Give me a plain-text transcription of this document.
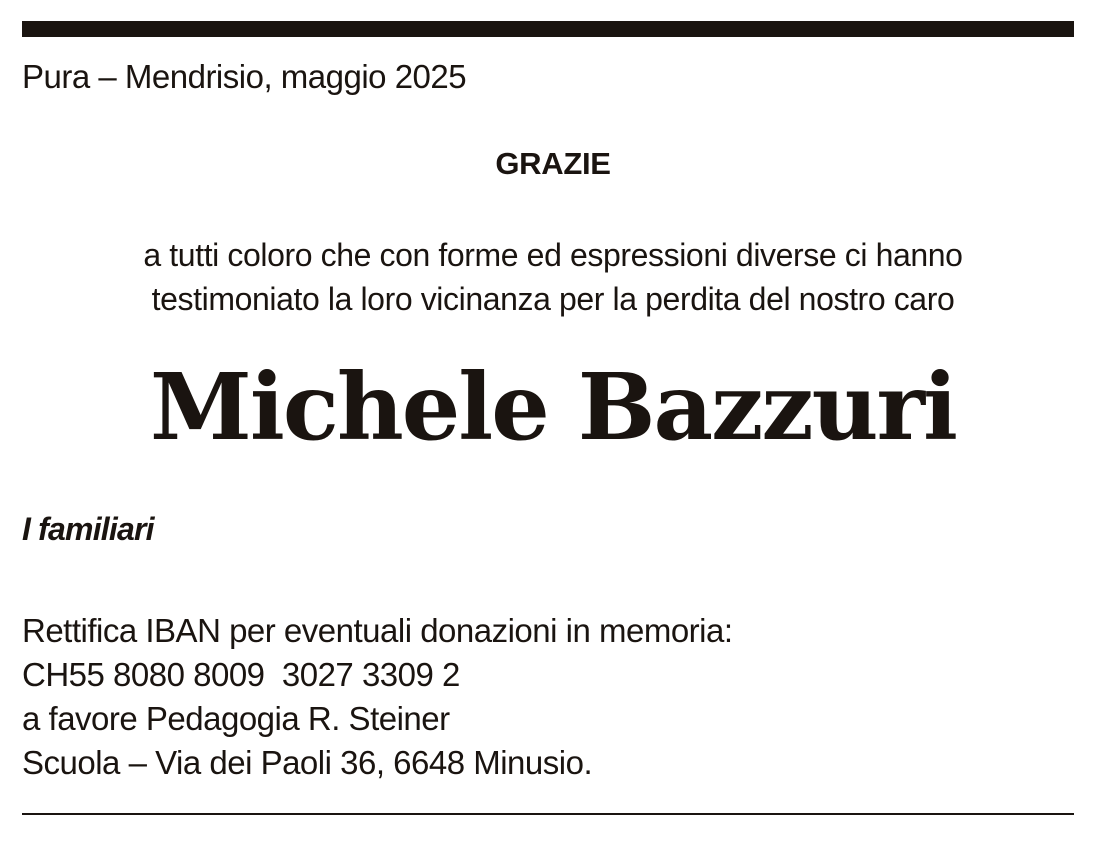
Pura – Mendrisio, maggio 2025
GRAZIE
a tutti coloro che con forme ed espressioni diverse ci hanno
testimoniato la loro vicinanza per la perdita del nostro caro
Michele Bazzuri
I familiari
Rettifica IBAN per eventuali donazioni in memoria:
CH55 8080 8009  3027 3309 2
a favore Pedagogia R. Steiner
Scuola – Via dei Paoli 36, 6648 Minusio.
